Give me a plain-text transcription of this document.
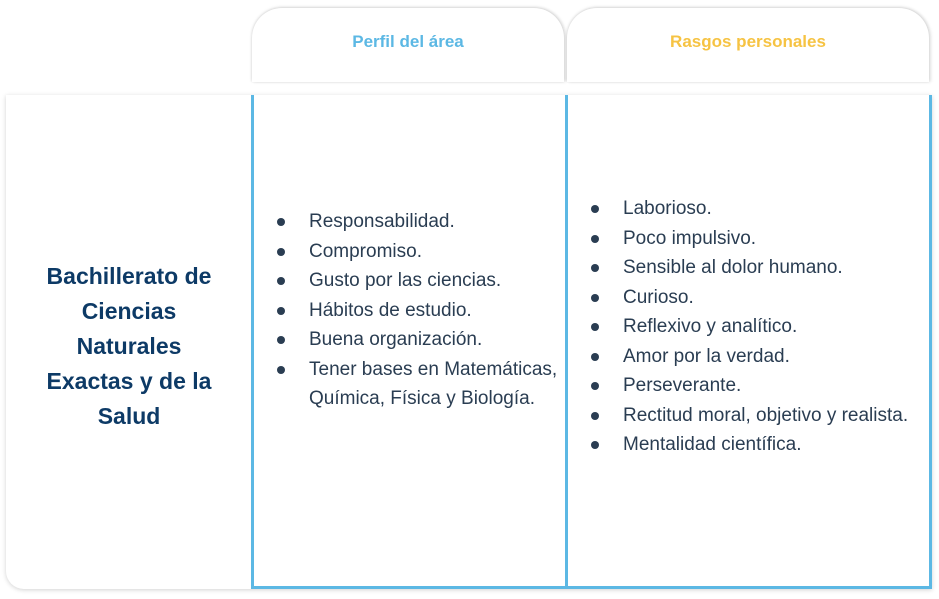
Perfil del área	Rasgos personales
Bachillerato de
Ciencias
Naturales
Exactas y de la
Salud
Responsabilidad.
Compromiso.
Gusto por las ciencias.
Hábitos de estudio.
Buena organización.
Tener bases en Matemáticas, Química, Física y Biología.
Laborioso.
Poco impulsivo.
Sensible al dolor humano.
Curioso.
Reflexivo y analítico.
Amor por la verdad.
Perseverante.
Rectitud moral, objetivo y realista.
Mentalidad científica.
